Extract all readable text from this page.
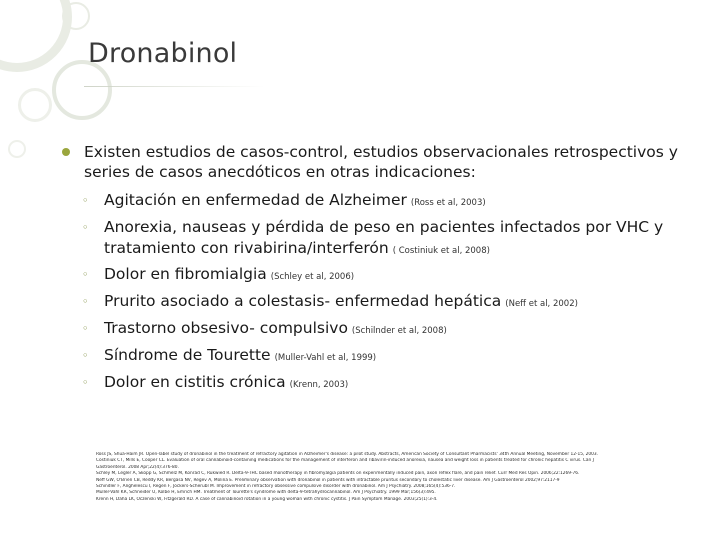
Dronabinol
Existen estudios de casos-control, estudios observacionales retrospectivos y series de casos anecdóticos en otras indicaciones:
◦ Agitación en enfermedad de Alzheimer (Ross et al, 2003)
◦ Anorexia, nauseas y pérdida de peso en pacientes infectados por VHC y tratamiento con rivabirina/interferón ( Costiniuk et al, 2008)
◦ Dolor en fibromialgia (Schley et al, 2006)
◦ Prurito asociado a colestasis- enfermedad hepática (Neff et al, 2002)
◦ Trastorno obsesivo- compulsivo (Schilnder et al, 2008)
◦ Síndrome de Tourette (Muller-Vahl et al, 1999)
◦ Dolor en cistitis crónica (Krenn, 2003)
Ross JS, Shua-Haim JR. Open-label study of dronabinol in the treatment of refractory agitation in Alzheimer's disease: a pilot study. Abstracts, American Society of Consultant Pharmacists' 34th Annual Meeting, November 12-15, 2003.
Costiniuk CT, Mills E, Cooper CL. Evaluation of oral cannabinoid-containing medications for the management of interferon and ribavirin-induced anorexia, nausea and weight loss in patients treated for chronic hepatitis C virus. Can J
Gastroenterol. 2008 Apr;22(4):376-80.
Schley M, Legler A, Skopp G, Schmelz M, Konrad C, Rukwied R. Delta-9-THC based monotherapy in fibromyalgia patients on experimentally induced pain, axon reflex flare, and pain relief. Curr Med Res Opin. 2006;22:1269-76.
Neff GW, O'Brien CB, Reddy KR, Bergasa NV, Regev A, Molina E. Preliminary observation with dronabinol in patients with intractable pruritus secondary to cholestatic liver disease. Am J Gastroenterol 2002;97:2117-9
Schindler F, Anghelescu I, Regen F, Jockers-Scherubl M. Improvement in refractory obsessive compulsive disorder with dronabinol. Am J Psychiatry. 2008;165(4):536-7.
Muller-Vahl KR, Schneider U, Kolbe H, Emrich HM. Treatment of Tourette's syndrome with delta-9-tetrahydrocannabinol. Am J Psychiatry. 1999 Mar;156(3):495.
Krenn H, Daha LK, Oczenski W, Fitzgerald RD. A case of cannabinoid rotation in a young woman with chronic cystitis. J Pain Symptom Manage. 2003;25(1):3-4.
